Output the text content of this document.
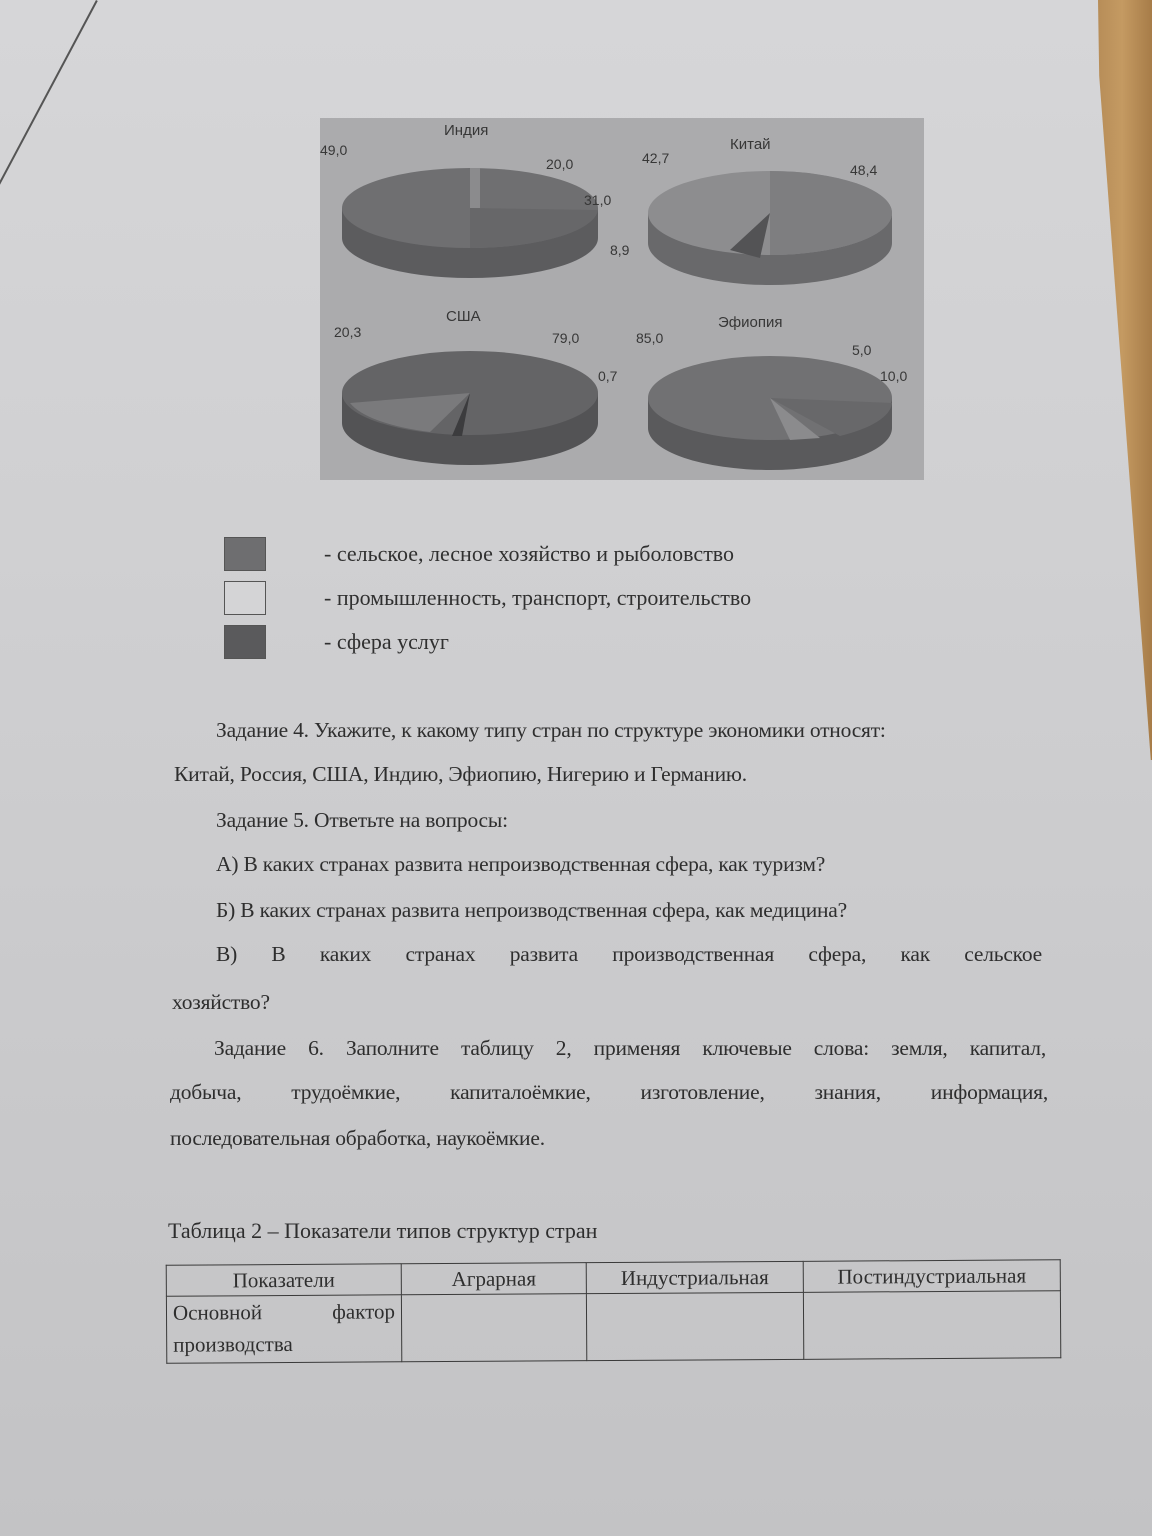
Индия
49,0
20,0
31,0
Китай
42,7
48,4
8,9
США
20,3	79,0
0,7
Эфиопия
85,0
5,0
10,0
- сельское, лесное хозяйство и рыболовство
- промышленность, транспорт, строительство
- сфера услуг
Задание 4. Укажите, к какому типу стран по структуре экономики относят:
Китай, Россия, США, Индию, Эфиопию, Нигерию и Германию.
Задание 5. Ответьте на вопросы:
А) В каких странах развита непроизводственная сфера, как туризм?
Б) В каких странах развита непроизводственная сфера, как медицина?
В) В каких странах развита производственная сфера, как сельское
хозяйство?
Задание 6. Заполните таблицу 2, применяя ключевые слова: земля, капитал,
добыча, трудоёмкие, капиталоёмкие, изготовление, знания, информация,
последовательная обработка, наукоёмкие.
Таблица 2 – Показатели типов структур стран
Показатели	Аграрная	Индустриальная	Постиндустриальная
Основной фактор производства			
